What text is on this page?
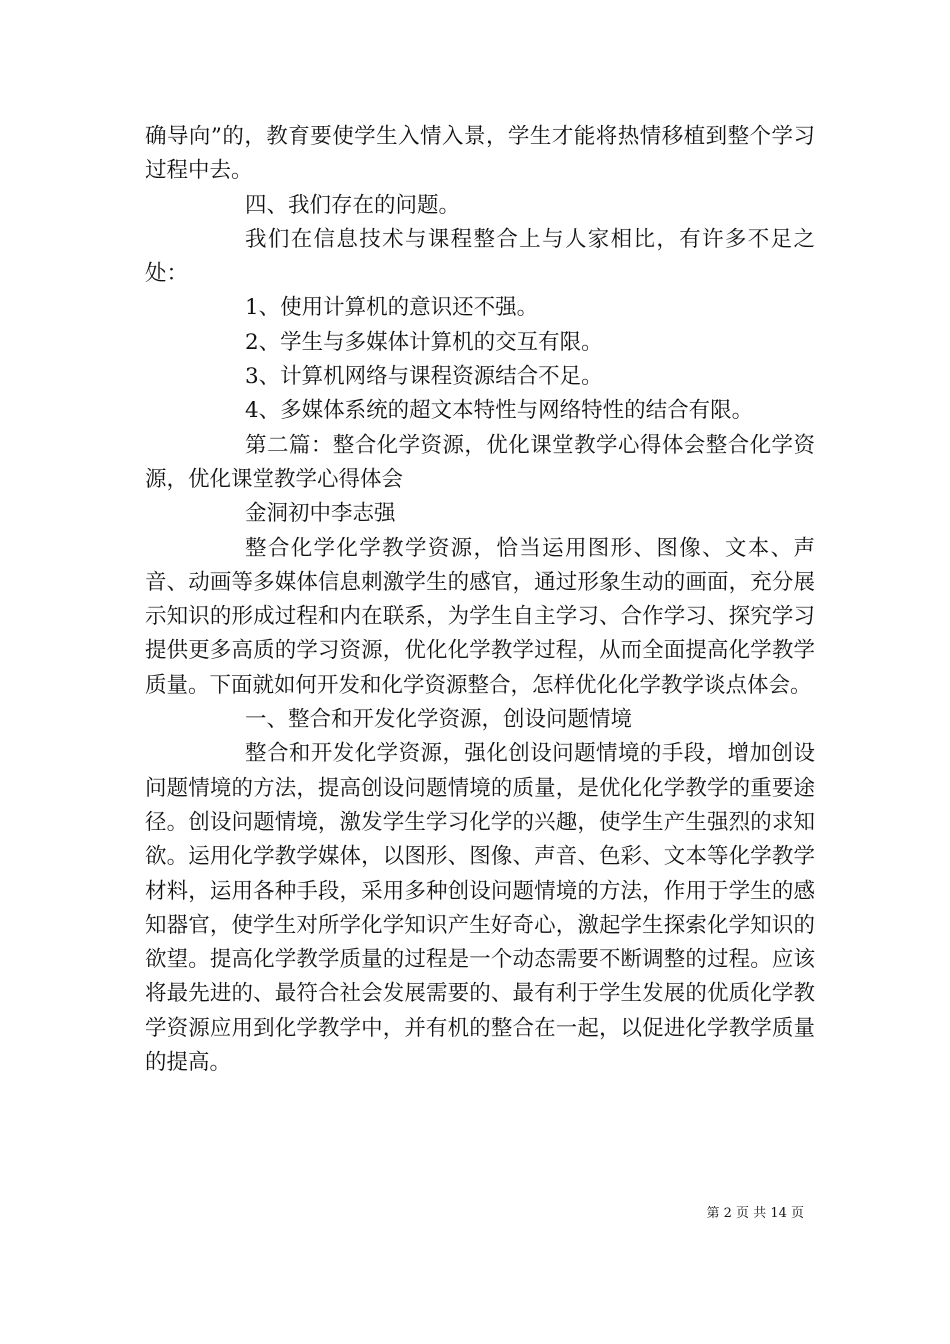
确导向”的，教育要使学生入情入景，学生才能将热情移植到整个学习过程中去。

四、我们存在的问题。

我们在信息技术与课程整合上与人家相比，有许多不足之处：

1、使用计算机的意识还不强。

2、学生与多媒体计算机的交互有限。

3、计算机网络与课程资源结合不足。

4、多媒体系统的超文本特性与网络特性的结合有限。

第二篇：整合化学资源，优化课堂教学心得体会整合化学资源，优化课堂教学心得体会

金洞初中李志强

整合化学化学教学资源，恰当运用图形、图像、文本、声音、动画等多媒体信息刺激学生的感官，通过形象生动的画面，充分展示知识的形成过程和内在联系，为学生自主学习、合作学习、探究学习提供更多高质的学习资源，优化化学教学过程，从而全面提高化学教学质量。下面就如何开发和化学资源整合，怎样优化化学教学谈点体会。

一、整合和开发化学资源，创设问题情境

整合和开发化学资源，强化创设问题情境的手段，增加创设问题情境的方法，提高创设问题情境的质量，是优化化学教学的重要途径。创设问题情境，激发学生学习化学的兴趣，使学生产生强烈的求知欲。运用化学教学媒体，以图形、图像、声音、色彩、文本等化学教学材料，运用各种手段，采用多种创设问题情境的方法，作用于学生的感知器官，使学生对所学化学知识产生好奇心，激起学生探索化学知识的欲望。提高化学教学质量的过程是一个动态需要不断调整的过程。应该将最先进的、最符合社会发展需要的、最有利于学生发展的优质化学教学资源应用到化学教学中，并有机的整合在一起，以促进化学教学质量的提高。

第 2 页 共 14 页
